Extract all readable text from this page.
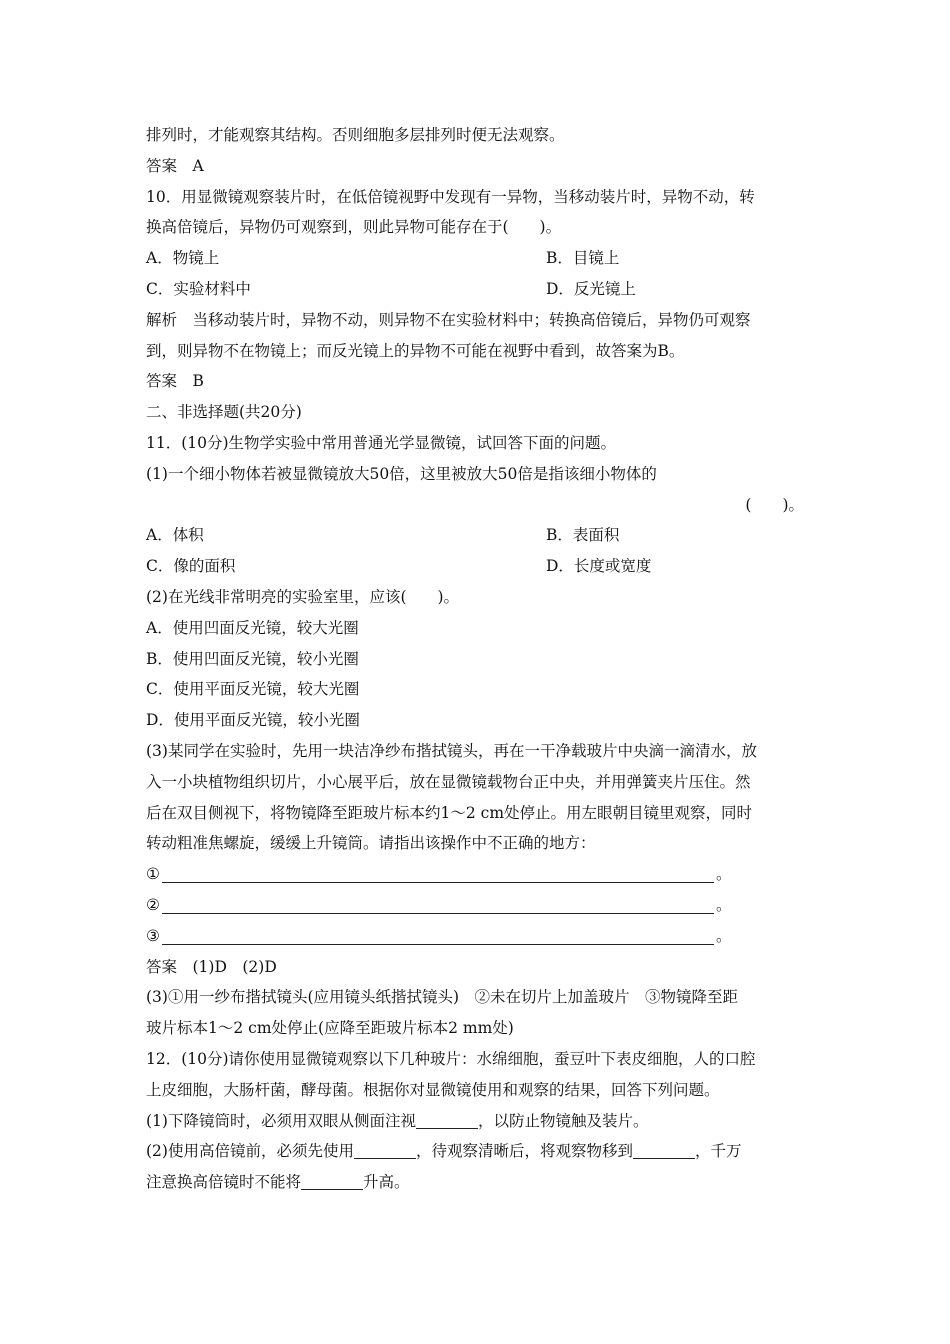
排列时，才能观察其结构。否则细胞多层排列时便无法观察。
答案　A
10．用显微镜观察装片时，在低倍镜视野中发现有一异物，当移动装片时，异物不动，转
换高倍镜后，异物仍可观察到，则此异物可能存在于(　　)。
A．物镜上	B．目镜上
C．实验材料中	D．反光镜上
解析　当移动装片时，异物不动，则异物不在实验材料中；转换高倍镜后，异物仍可观察
到，则异物不在物镜上；而反光镜上的异物不可能在视野中看到，故答案为B。
答案　B
二、非选择题(共20分)
11．(10分)生物学实验中常用普通光学显微镜，试回答下面的问题。
(1)一个细小物体若被显微镜放大50倍，这里被放大50倍是指该细小物体的
(　　)。
A．体积	B．表面积
C．像的面积	D．长度或宽度
(2)在光线非常明亮的实验室里，应该(　　)。
A．使用凹面反光镜，较大光圈
B．使用凹面反光镜，较小光圈
C．使用平面反光镜，较大光圈
D．使用平面反光镜，较小光圈
(3)某同学在实验时，先用一块洁净纱布揩拭镜头，再在一干净载玻片中央滴一滴清水，放
入一小块植物组织切片，小心展平后，放在显微镜载物台正中央，并用弹簧夹片压住。然
后在双目侧视下，将物镜降至距玻片标本约1～2 cm处停止。用左眼朝目镜里观察，同时
转动粗准焦螺旋，缓缓上升镜筒。请指出该操作中不正确的地方：
①	。
②	。
③	。
答案　(1)D　(2)D
(3)①用一纱布揩拭镜头(应用镜头纸揩拭镜头)　②未在切片上加盖玻片　③物镜降至距
玻片标本1～2 cm处停止(应降至距玻片标本2 mm处)
12．(10分)请你使用显微镜观察以下几种玻片：水绵细胞，蚕豆叶下表皮细胞，人的口腔
上皮细胞，大肠杆菌，酵母菌。根据你对显微镜使用和观察的结果，回答下列问题。
(1)下降镜筒时，必须用双眼从侧面注视	，以防止物镜触及装片。
(2)使用高倍镜前，必须先使用	，待观察清晰后，将观察物移到	，千万
注意换高倍镜时不能将	升高。
